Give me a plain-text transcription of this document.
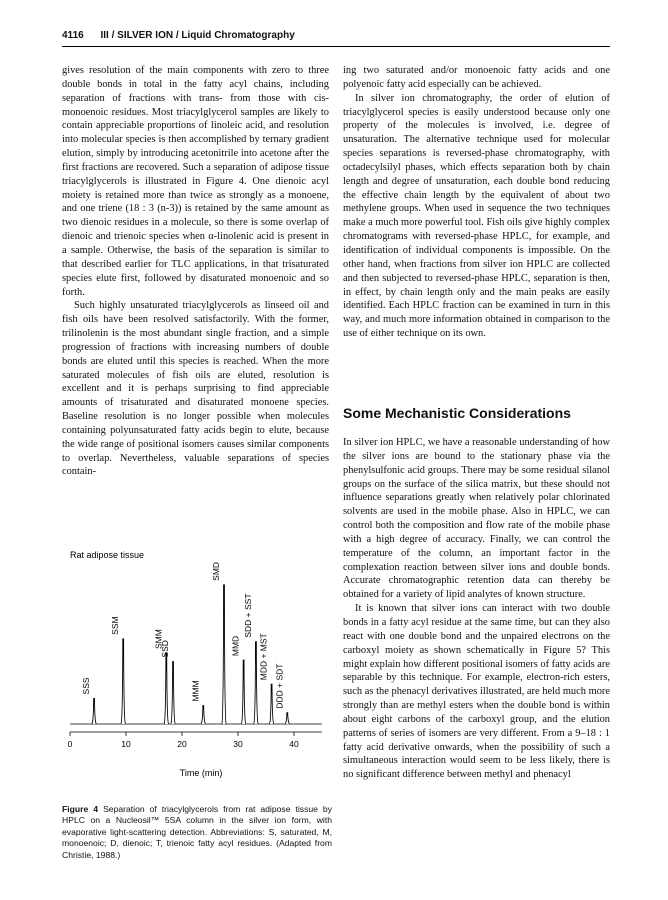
4116 III / SILVER ION / Liquid Chromatography

gives resolution of the main components with zero to three double bonds in total in the fatty acyl chains, including separation of fractions with trans- from those with cis-monoenoic residues. Most triacylglycerol samples are likely to contain appreciable proportions of linoleic acid, and resolution into molecular species is then accomplished by ternary gradient elution, simply by introducing acetonitrile into acetone after the first fractions are recovered. Such a separation of adipose tissue triacylglycerols is illustrated in Figure 4. One dienoic acyl moiety is retained more than twice as strongly as a monoene, and one triene (18 : 3 (n-3)) is retained by the same amount as two dienoic residues in a molecule, so there is some overlap of dienoic and trienoic species when α-linolenic acid is present in a sample. Otherwise, the basis of the separation is similar to that described earlier for TLC applications, in that trisaturated species elute first, followed by disaturated monoenoic and so forth.

Such highly unsaturated triacylglycerols as linseed oil and fish oils have been resolved satisfactorily. With the former, trilinolenin is the most abundant single fraction, and a simple progression of fractions with increasing numbers of double bonds are eluted until this species is reached. When the more saturated molecules of fish oils are eluted, resolution is excellent and it is perhaps surprising to find appreciable amounts of trisaturated and disaturated monoene species. Baseline resolution is no longer possible when molecules containing polyunsaturated fatty acids begin to elute, because the wide range of positional isomers causes similar components to overlap. Nevertheless, valuable separations of species contain-

ing two saturated and/or monoenoic fatty acids and one polyenoic fatty acid especially can be achieved.

In silver ion chromatography, the order of elution of triacylglycerol species is easily understood because only one property of the molecules is involved, i.e. degree of unsaturation. The alternative technique used for molecular species separations is reversed-phase chromatography, with octadecylsilyl phases, which effects separation both by chain length and degree of unsaturation, each double bond reducing the effective chain length by the equivalent of about two methylene groups. When used in sequence the two techniques make a much more powerful tool. Fish oils give highly complex chromatograms with reversed-phase HPLC, for example, and identification of individual components is impossible. On the other hand, when fractions from silver ion HPLC are collected and then subjected to reversed-phase HPLC, separation is then, in effect, by chain length only and the main peaks are easily identified. Each HPLC fraction can be examined in turn in this way, and much more information obtained in comparison to the use of either technique on its own.

Some Mechanistic Considerations

In silver ion HPLC, we have a reasonable understanding of how the silver ions are bound to the stationary phase via the phenylsulfonic acid groups. There may be some residual silanol groups on the surface of the silica matrix, but these should not influence separations greatly when relatively polar chlorinated solvents are used in the mobile phase. Also in HPLC, we can control both the composition and flow rate of the mobile phase with a high degree of accuracy. Finally, we can control the temperature of the column, an important factor in the complexation reaction between silver ions and double bonds. Accurate chromatographic retention data can thereby be obtained for a variety of lipid analytes of known structure.

It is known that silver ions can interact with two double bonds in a fatty acyl residue at the same time, but can they also react with one double bond and the unpaired electrons on the carboxyl moiety as shown schematically in Figure 5? This might explain how different positional isomers of fatty acids are separable by this technique. For example, electron-rich esters, such as the phenacyl derivatives illustrated, are held much more strongly than are methyl esters when the double bond is within about eight carbons of the carboxyl group, and the elution patterns of series of isomers are very different. From a 9–18 : 1 fatty acid derivative onwards, when the possibility of such a simultaneous interaction would seem to be less likely, there is no significant difference between methyl and phenacyl

Rat adipose tissue
0	10	20	30	40
SSS
SSM
SMM
SSD
MMM
SMD
MMD
SDD + SST
MDD + MST
DDD + SDT
Time (min)
Figure 4 Separation of triacylglycerols from rat adipose tissue by HPLC on a Nucleosil™ 5SA column in the silver ion form, with evaporative light-scattering detection. Abbreviations: S, saturated, M, monoenoic; D, dienoic; T, trienoic fatty acyl residues. (Adapted from Christie, 1988.)
